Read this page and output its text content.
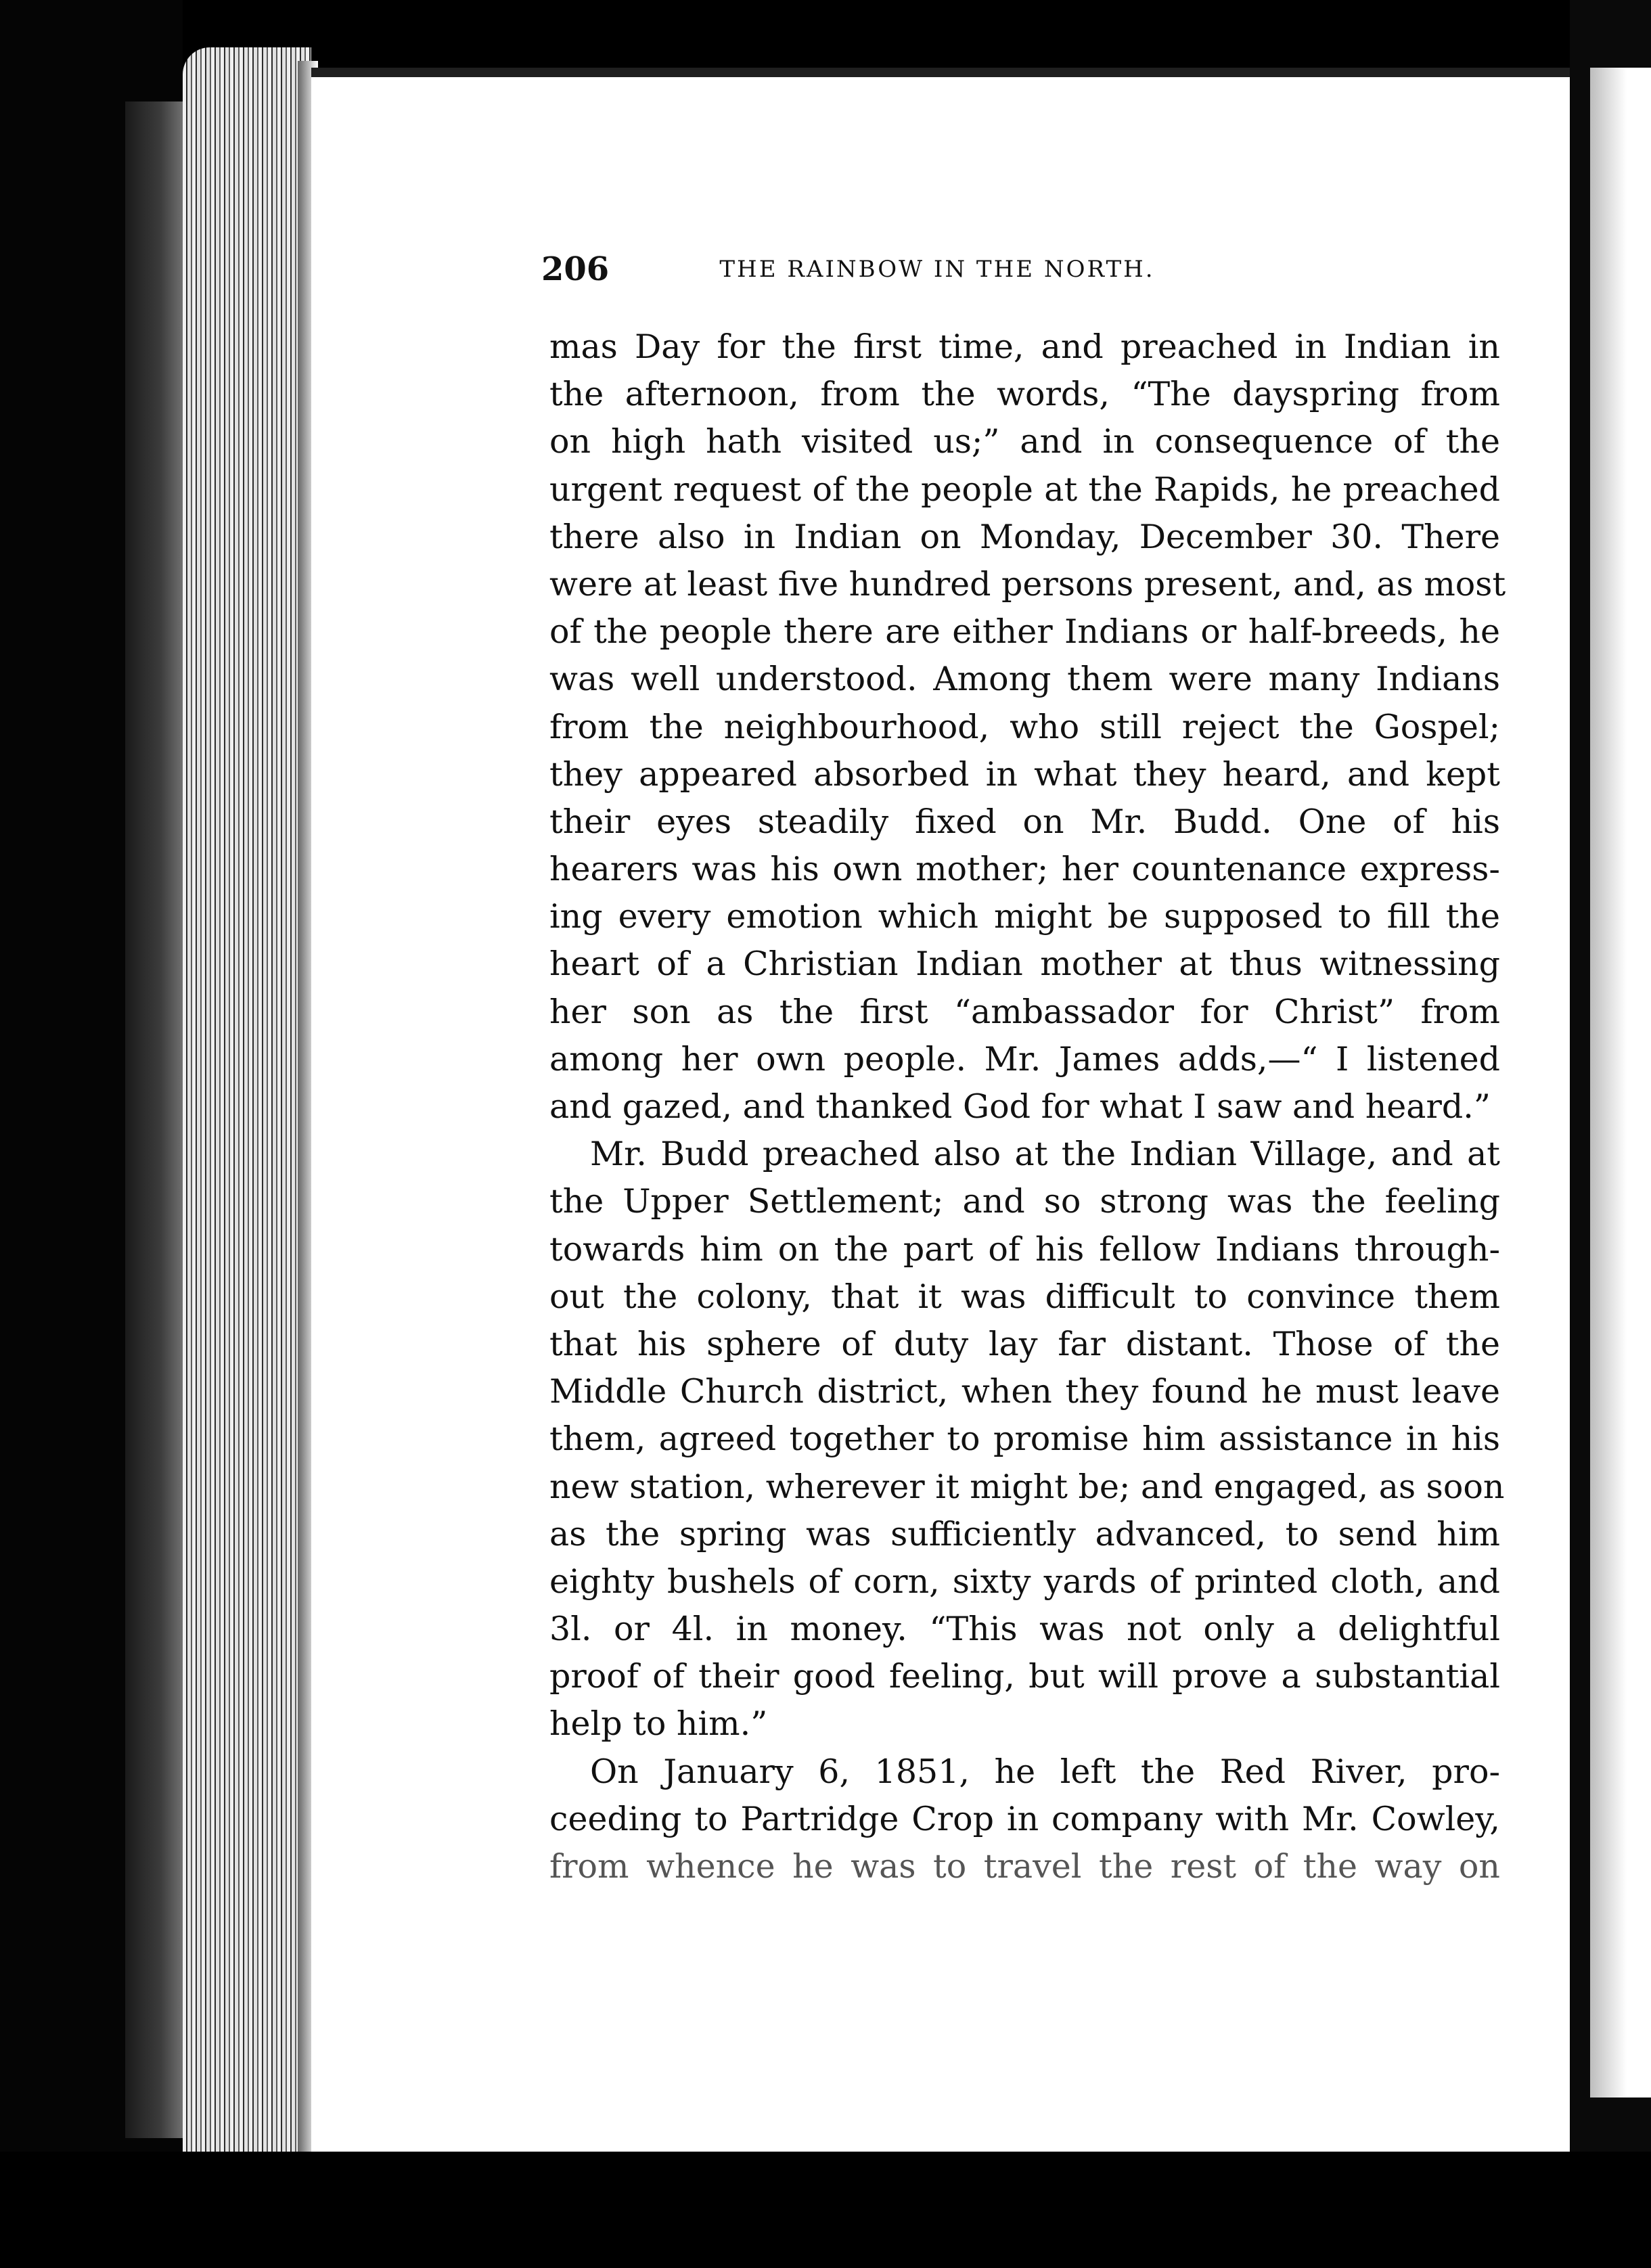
206	THE RAINBOW IN THE NORTH.
mas Day for the first time, and preached in Indian in
the afternoon, from the words, “The dayspring from
on high hath visited us;” and in consequence of the
urgent request of the people at the Rapids, he preached
there also in Indian on Monday, December 30. There
were at least five hundred persons present, and, as most
of the people there are either Indians or half-breeds, he
was well understood. Among them were many Indians
from the neighbourhood, who still reject the Gospel;
they appeared absorbed in what they heard, and kept
their eyes steadily fixed on Mr. Budd. One of his
hearers was his own mother; her countenance express-
ing every emotion which might be supposed to fill the
heart of a Christian Indian mother at thus witnessing
her son as the first “ambassador for Christ” from
among her own people. Mr. James adds,—“ I listened
and gazed, and thanked God for what I saw and heard.”
Mr. Budd preached also at the Indian Village, and at
the Upper Settlement; and so strong was the feeling
towards him on the part of his fellow Indians through-
out the colony, that it was difficult to convince them
that his sphere of duty lay far distant. Those of the
Middle Church district, when they found he must leave
them, agreed together to promise him assistance in his
new station, wherever it might be; and engaged, as soon
as the spring was sufficiently advanced, to send him
eighty bushels of corn, sixty yards of printed cloth, and
3l. or 4l. in money. “This was not only a delightful
proof of their good feeling, but will prove a substantial
help to him.”
On January 6, 1851, he left the Red River, pro-
ceeding to Partridge Crop in company with Mr. Cowley,
from whence he was to travel the rest of the way on
